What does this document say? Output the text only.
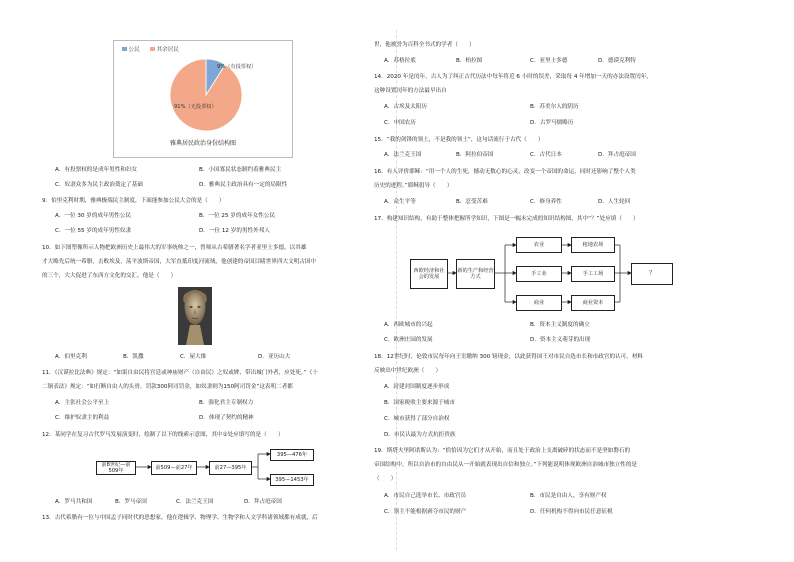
公民	其余居民
9%（有投票权）
91%（无投票权）
雅典居民政治身份结构图
A．有投票权的是成年男性和妇女	B．小国寡民状态制约着雅典民主
C．奴隶众多为民主政治奠定了基础	D．雅典民主政治具有一定的局限性
9．伯里克利时期，雅典极端民主制度，下面能参加公民大会的是（　　）
A．一位 30 岁的成年男性公民	B．一位 25 岁的成年女性公民
C．一位 55 岁的成年男性奴隶	D．一位 12 岁的男性外邦人
10．如下图塑像所示人物把欧洲历史上最伟大的军事统帅之一，曾师从古希腊著名学者亚里士多德，以其雄
才大略先后统一希腊，击败埃及，荡平波斯帝国，大军直抵印度河流域，他创建的帝国目睹世界四大文明古国中
的三个，大大促进了东西方文化的交汇。他是（　　）
A．伯里克利	B．凯撒	C．屋大维	D．亚历山大
11．《汉谟拉比法典》规定：“如果自由民将宫廷或神庙财产（自由民）之奴或婢，带出城门外者，应处死。”《十
二铜表法》规定：“如打断自由人的头骨，罚款300阿司罚金，如奴隶则为150阿司罚金”这表明二者都
A．主张社会公平至上	B．强化君主专制权力
C．维护奴隶主的利益	D．体现了契约的精神
12．某同学在复习古代罗马发展演变时，绘制了以下的线索示意图，其中①处应填写的是（　　）
前8世纪—前509年	前509—前27年	前27—395年
395—476年
395—1453年
A．罗马共和国	B．罗马帝国	C．法兰克王国	D．拜占庭帝国
13．古代希腊有一位与中国孟子同时代的思想家，他在逻辑学、物理学、生物学和人文学科诸领域都有成就，后
世，他被誉为百科全书式的学者（　　）
A．苏格拉底	B．柏拉图	C．亚里士多德	D．德谟克利特
14．2020 年是闰年，古人为了纠正古代历法中每年将近 6 小时的误差，采取每 4 年增加一天的办法设置闰年，
这种设置闰年的方法最早出自
A．古埃及太阳历	B．苏美尔人的阴历
C．中国农历	D．古罗马儒略历
15．“我的剑锋的领土，不是我的领土”，这句话流行于古代（　　）
A．法兰克王国	B．阿拉伯帝国	C．古代日本	D．拜占庭帝国
16．有人评价耶稣：“用一个人的生死，撼动无数心的心灵，改变一个帝国的命运，同时还影响了整个人类
历史的进程。”耶稣倡导（　　）
A．众生平等	B．忍受苦难	C．修身养性	D．人生轮回
17．构建知识结构，有助于整体把握所学知识，下图是一幅未完成的知识结构图，其中“？”处应填（　　）
西欧经济和社会的发展
新的生产和经营方式
农业
手工业
商业
租地农场
手工工场
商业资本
？
A．西欧城市的兴起	B．资本主义制度的确立
C．欧洲庄园的发展	D．资本主义萌芽的出现
18．12世纪时，伦敦市民每年向王室缴纳 300 镑现金，以此获得国王对市民自选市长和市政官的认可。材料
反映出中世纪欧洲（　　）
A．封建封国制度逐步形成
B．国家税收主要来源于城市
C．城市获得了部分自治权
D．市民认最为方式抗拒贵族
19．斯塔夫里阿诺斯认为：“恰恰因为它们才从开始，而且处于政治上支离破碎的状态而不是坚如磐石的
帝国结构中，所以自治市的自由民从一开始就表现出自信和独立。”下列能说明体现欧洲自治城市独立性的是
（　　）
A．市民自己选举市长、市政官员	B．市民是自由人，享有财产权
C．领主不能根据剥夺市民的财产	D．任何机构不得向市民任意征税
